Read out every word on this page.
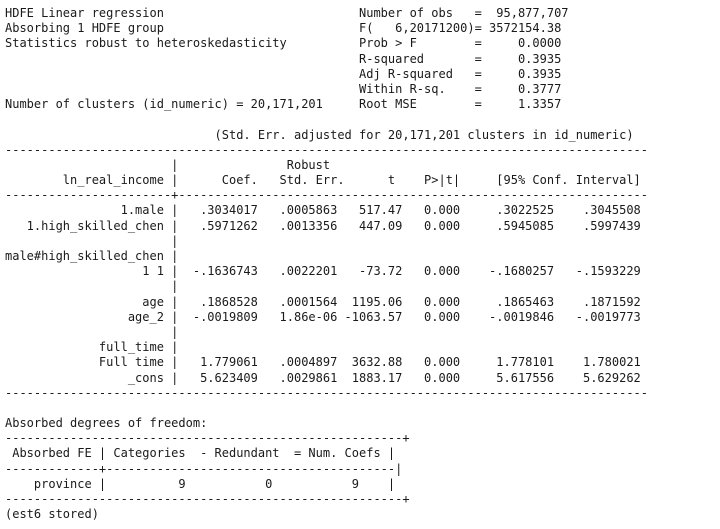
HDFE Linear regression                           Number of obs   =  95,877,707
Absorbing 1 HDFE group                           F(   6,20171200)= 3572154.38
Statistics robust to heteroskedasticity          Prob > F        =     0.0000
R-squared       =     0.3935
Adj R-squared   =     0.3935
Within R-sq.    =     0.3777
Number of clusters (id_numeric) = 20,171,201     Root MSE        =     1.3357

(Std. Err. adjusted for 20,171,201 clusters in id_numeric)
-----------------------------------------------------------------------------------------
|               Robust
ln_real_income |      Coef.   Std. Err.      t    P>|t|     [95% Conf. Interval]
-----------------------+-----------------------------------------------------------------
1.male |   .3034017   .0005863   517.47   0.000     .3022525    .3045508
1.high_skilled_chen |   .5971262   .0013356   447.09   0.000     .5945085    .5997439
|
male#high_skilled_chen |
1 1 |  -.1636743   .0022201   -73.72   0.000    -.1680257   -.1593229
|
age |   .1868528   .0001564  1195.06   0.000     .1865463    .1871592
age_2 |  -.0019809   1.86e-06 -1063.57   0.000    -.0019846   -.0019773
|
full_time |
Full time |   1.779061   .0004897  3632.88   0.000     1.778101    1.780021
_cons |   5.623409   .0029861  1883.17   0.000     5.617556    5.629262
-----------------------------------------------------------------------------------------

Absorbed degrees of freedom:
-------------------------------------------------------+
Absorbed FE | Categories  - Redundant  = Num. Coefs |
-------------+----------------------------------------|
province |          9           0           9    |
-------------------------------------------------------+
(est6 stored)
